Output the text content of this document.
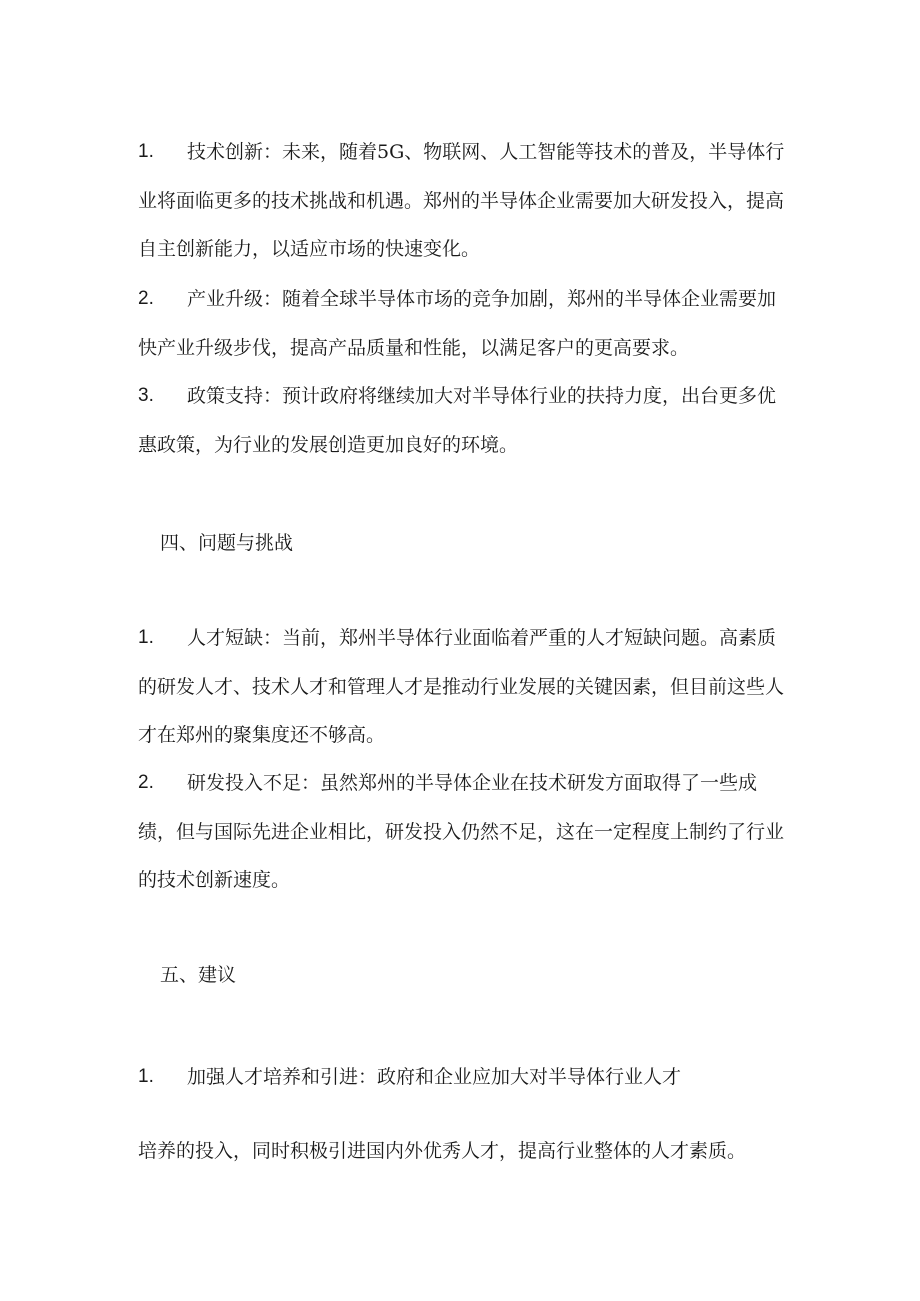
1. 技术创新：未来，随着5G、物联网、人工智能等技术的普及，半导体行业将面临更多的技术挑战和机遇。郑州的半导体企业需要加大研发投入，提高自主创新能力，以适应市场的快速变化。

2. 产业升级：随着全球半导体市场的竞争加剧，郑州的半导体企业需要加快产业升级步伐，提高产品质量和性能，以满足客户的更高要求。

3. 政策支持：预计政府将继续加大对半导体行业的扶持力度，出台更多优惠政策，为行业的发展创造更加良好的环境。

四、问题与挑战

1. 人才短缺：当前，郑州半导体行业面临着严重的人才短缺问题。高素质的研发人才、技术人才和管理人才是推动行业发展的关键因素，但目前这些人才在郑州的聚集度还不够高。

2. 研发投入不足：虽然郑州的半导体企业在技术研发方面取得了一些成绩，但与国际先进企业相比，研发投入仍然不足，这在一定程度上制约了行业的技术创新速度。

五、建议

1. 加强人才培养和引进：政府和企业应加大对半导体行业人才

培养的投入，同时积极引进国内外优秀人才，提高行业整体的人才素质。
